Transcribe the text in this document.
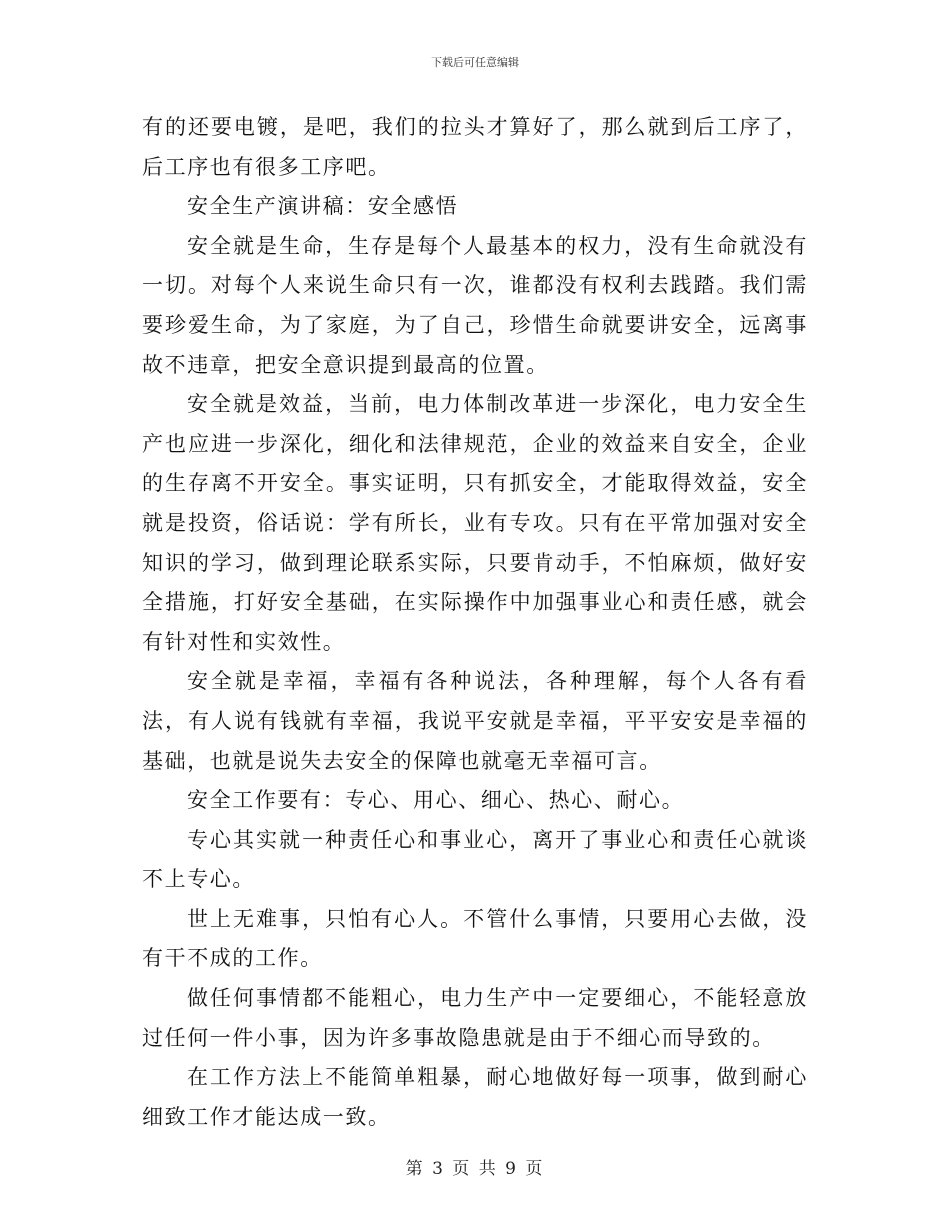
下载后可任意编辑

有的还要电镀，是吧，我们的拉头才算好了，那么就到后工序了，后工序也有很多工序吧。

安全生产演讲稿：安全感悟

安全就是生命，生存是每个人最基本的权力，没有生命就没有一切。对每个人来说生命只有一次，谁都没有权利去践踏。我们需要珍爱生命，为了家庭，为了自己，珍惜生命就要讲安全，远离事故不违章，把安全意识提到最高的位置。

安全就是效益，当前，电力体制改革进一步深化，电力安全生产也应进一步深化，细化和法律规范，企业的效益来自安全，企业的生存离不开安全。事实证明，只有抓安全，才能取得效益，安全就是投资，俗话说：学有所长，业有专攻。只有在平常加强对安全知识的学习，做到理论联系实际，只要肯动手，不怕麻烦，做好安全措施，打好安全基础，在实际操作中加强事业心和责任感，就会有针对性和实效性。

安全就是幸福，幸福有各种说法，各种理解，每个人各有看法，有人说有钱就有幸福，我说平安就是幸福，平平安安是幸福的基础，也就是说失去安全的保障也就毫无幸福可言。

安全工作要有：专心、用心、细心、热心、耐心。

专心其实就一种责任心和事业心，离开了事业心和责任心就谈不上专心。

世上无难事，只怕有心人。不管什么事情，只要用心去做，没有干不成的工作。

做任何事情都不能粗心，电力生产中一定要细心，不能轻意放过任何一件小事，因为许多事故隐患就是由于不细心而导致的。

在工作方法上不能简单粗暴，耐心地做好每一项事，做到耐心细致工作才能达成一致。

第 3 页 共 9 页
